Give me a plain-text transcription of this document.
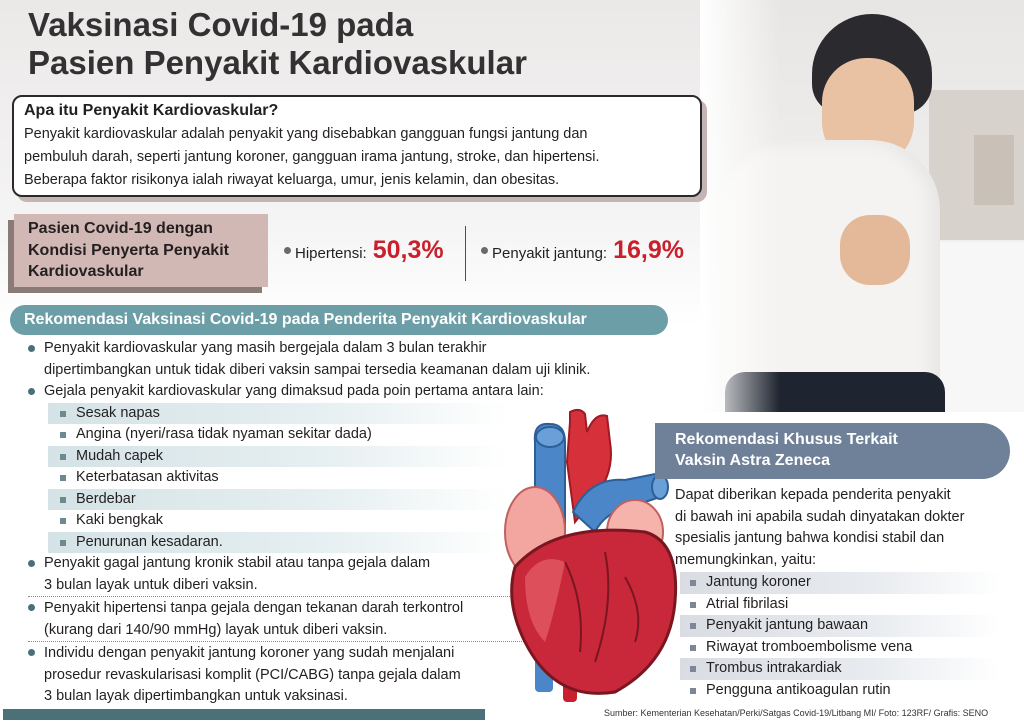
Vaksinasi Covid-19 pada
Pasien Penyakit Kardiovaskular
Apa itu Penyakit Kardiovaskular?

Penyakit kardiovaskular adalah penyakit yang disebabkan gangguan fungsi jantung dan

pembuluh darah, seperti jantung koroner, gangguan irama jantung, stroke, dan hipertensi.

Beberapa faktor risikonya ialah riwayat keluarga, umur, jenis kelamin, dan obesitas.

Pasien Covid-19 dengan
Kondisi Penyerta Penyakit
Kardiovaskular
Hipertensi: 50,3%	Penyakit jantung: 16,9%
Rekomendasi Vaksinasi Covid-19 pada Penderita Penyakit Kardiovaskular
Penyakit kardiovaskular yang masih bergejala dalam 3 bulan terakhir
dipertimbangkan untuk tidak diberi vaksin sampai tersedia keamanan dalam uji klinik.
Gejala penyakit kardiovaskular yang dimaksud pada poin pertama antara lain:
Sesak napas
Angina (nyeri/rasa tidak nyaman sekitar dada)
Mudah capek
Keterbatasan aktivitas
Berdebar
Kaki bengkak
Penurunan kesadaran.
Penyakit gagal jantung kronik stabil atau tanpa gejala dalam
3 bulan layak untuk diberi vaksin.
Penyakit hipertensi tanpa gejala dengan tekanan darah terkontrol
(kurang dari 140/90 mmHg) layak untuk diberi vaksin.
Individu dengan penyakit jantung koroner yang sudah menjalani
prosedur revaskularisasi komplit (PCI/CABG) tanpa gejala dalam
3 bulan layak dipertimbangkan untuk vaksinasi.
Rekomendasi Khusus Terkait
Vaksin Astra Zeneca
Dapat diberikan kepada penderita penyakit
di bawah ini apabila sudah dinyatakan dokter
spesialis jantung bahwa kondisi stabil dan
memungkinkan, yaitu:
Jantung koroner
Atrial fibrilasi
Penyakit jantung bawaan
Riwayat tromboembolisme vena
Trombus intrakardiak
Pengguna antikoagulan rutin
Sumber: Kementerian Kesehatan/Perki/Satgas Covid-19/Litbang MI/ Foto: 123RF/ Grafis: SENO
